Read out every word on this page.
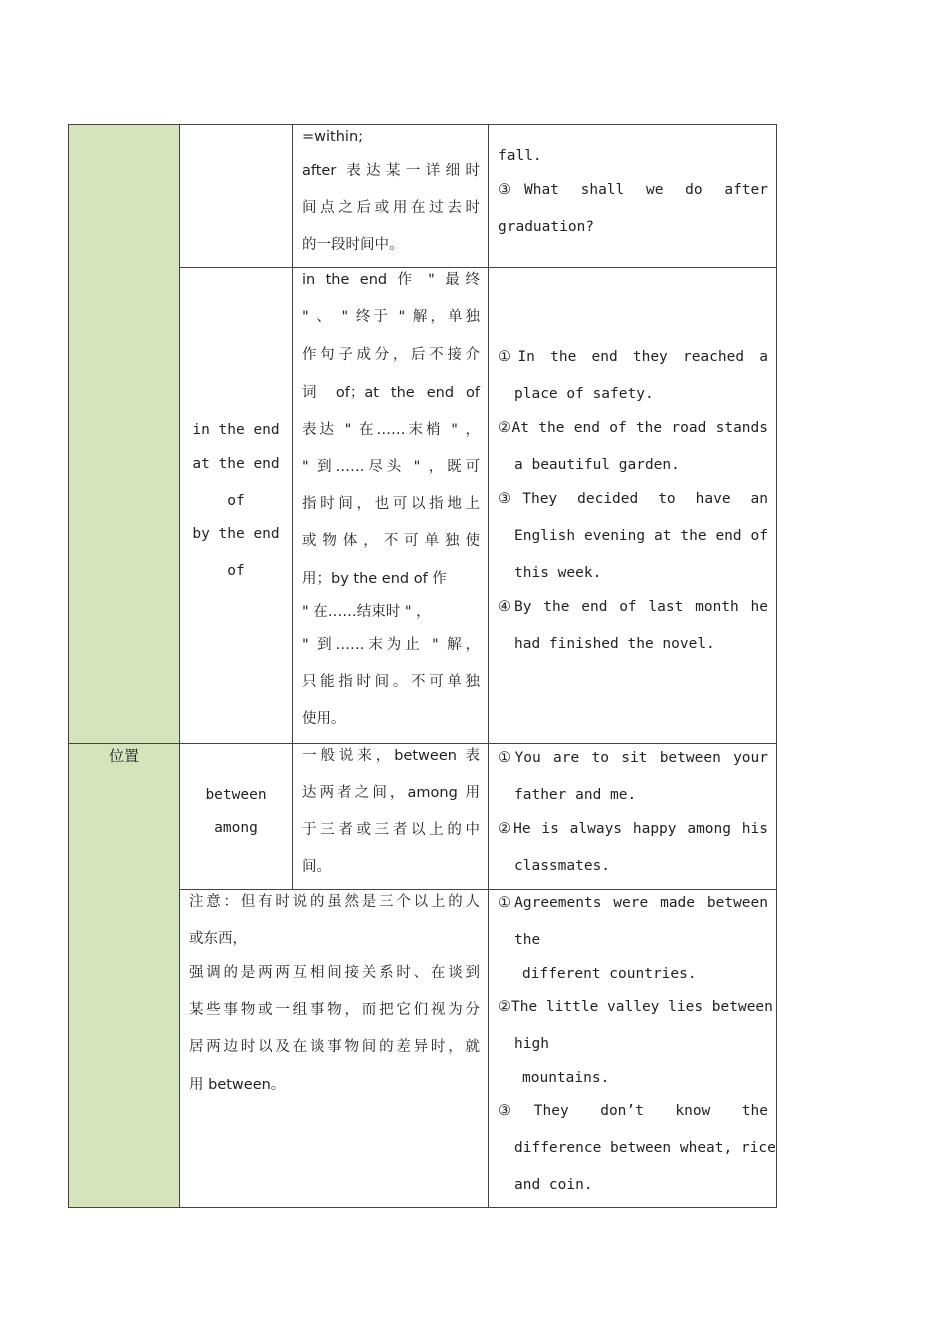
位置
=within;
after 表达某一详细时
间点之后或用在过去时
的一段时间中。
fall.
③What shall we do after
graduation?
in the end
at the end
of
by the end
of
in the end 作 " 最终
" 、 " 终于 " 解，单独
作句子成分，后不接介
词 of；at the end of
表达 " 在……末梢 " ，
" 到……尽头 " ，既可
指时间，也可以指地上
或物体，不可单独使
用；by the end of 作
" 在……结束时 " ，
" 到……末为止 " 解，
只能指时间。不可单独
使用。
①In the end they reached a
place of safety.
②At the end of the road stands
a beautiful garden.
③They decided to have an
English evening at the end of
this week.
④By the end of last month he
had finished the novel.
between
among
一般说来，between 表
达两者之间，among 用
于三者或三者以上的中
间。
①You are to sit between your
father and me.
②He is always happy among his
classmates.
注意：但有时说的虽然是三个以上的人
或东西，
强调的是两两互相间接关系时、在谈到
某些事物或一组事物，而把它们视为分
居两边时以及在谈事物间的差异时，就
用 between。
①Agreements were made between
the
different countries.
②The little valley lies between
high
mountains.
③They don’t know the
difference between wheat, rice
and coin.
